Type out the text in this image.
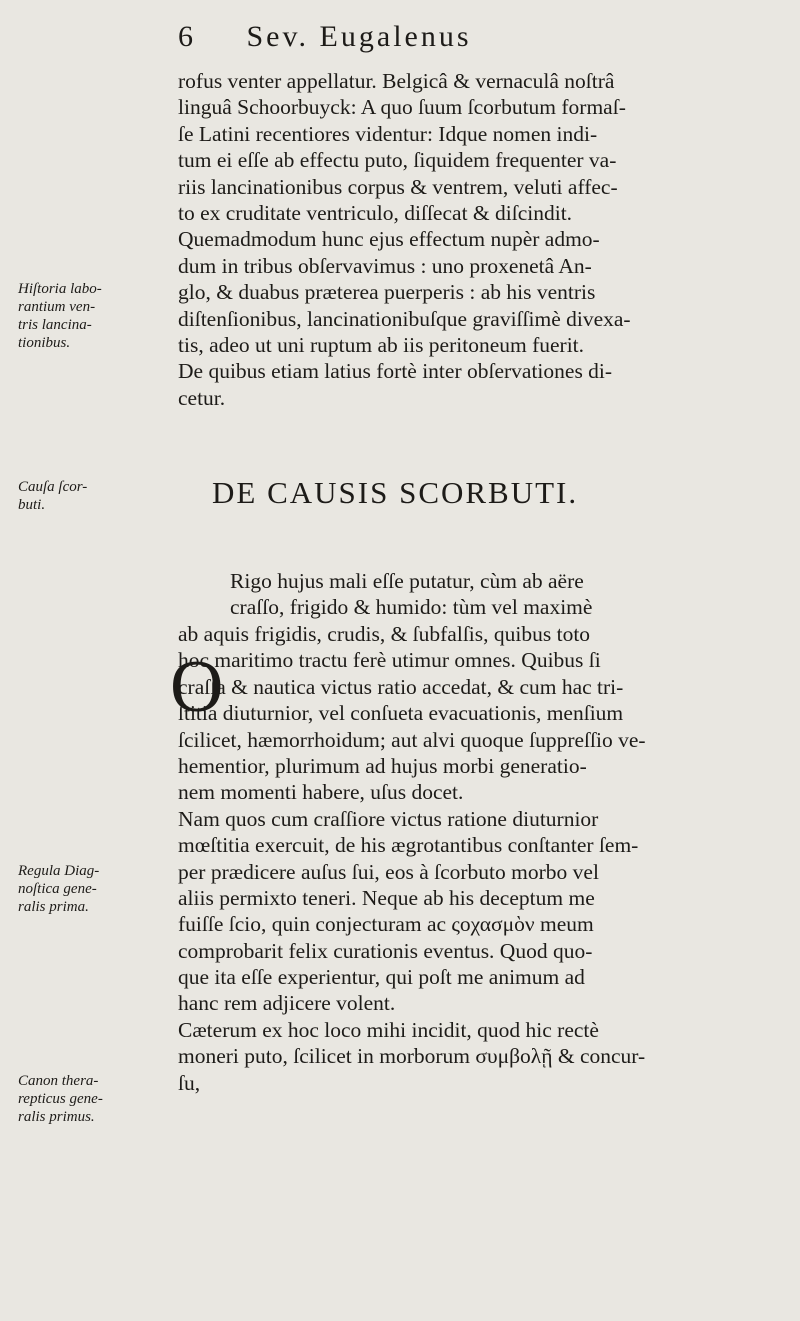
6 Sev. Eugalenus
rofus venter appellatur. Belgicâ & vernaculâ noſtrâ
linguâ Schoorbuyck: A quo ſuum ſcorbutum formaſ-
ſe Latini recentiores videntur: Idque nomen indi-
tum ei eſſe ab effectu puto, ſiquidem frequenter va-
riis lancinationibus corpus & ventrem, veluti affec-
to ex cruditate ventriculo, diſſecat & diſcindit.
Quemadmodum hunc ejus effectum nupèr admo-
dum in tribus obſervavimus : uno proxenetâ An-
glo, & duabus præterea puerperis : ab his ventris
diſtenſionibus, lancinationibuſque graviſſimè divexa-
tis, adeo ut uni ruptum ab iis peritoneum fuerit.
De quibus etiam latius fortè inter obſervationes di-
cetur.
Hiſtoria labo-
rantium ven-
tris lancina-
tionibus.
Cauſa ſcor-
buti.	DE CAUSIS SCORBUTI.
O
Rigo hujus mali eſſe putatur, cùm ab aëre
craſſo, frigido & humido: tùm vel maximè
ab aquis frigidis, crudis, & ſubfalſis, quibus toto
hoc maritimo tractu ferè utimur omnes. Quibus ſi
craſſa & nautica victus ratio accedat, & cum hac tri-
ſtitia diuturnior, vel conſueta evacuationis, menſium
ſcilicet, hæmorrhoidum; aut alvi quoque ſuppreſſio ve-
hementior, plurimum ad hujus morbi generatio-
nem momenti habere, uſus docet.
Nam quos cum craſſiore victus ratione diuturnior
mœſtitia exercuit, de his ægrotantibus conſtanter ſem-
per prædicere auſus ſui, eos à ſcorbuto morbo vel
aliis permixto teneri. Neque ab his deceptum me
fuiſſe ſcio, quin conjecturam ac ςοχασμὸν meum
comprobarit felix curationis eventus. Quod quo-
que ita eſſe experientur, qui poſt me animum ad
hanc rem adjicere volent.
Cæterum ex hoc loco mihi incidit, quod hic rectè
moneri puto, ſcilicet in morborum συμβολῇ & concur-
ſu,
Regula Diag-
noſtica gene-
ralis prima.
Canon thera-
repticus gene-
ralis primus.
